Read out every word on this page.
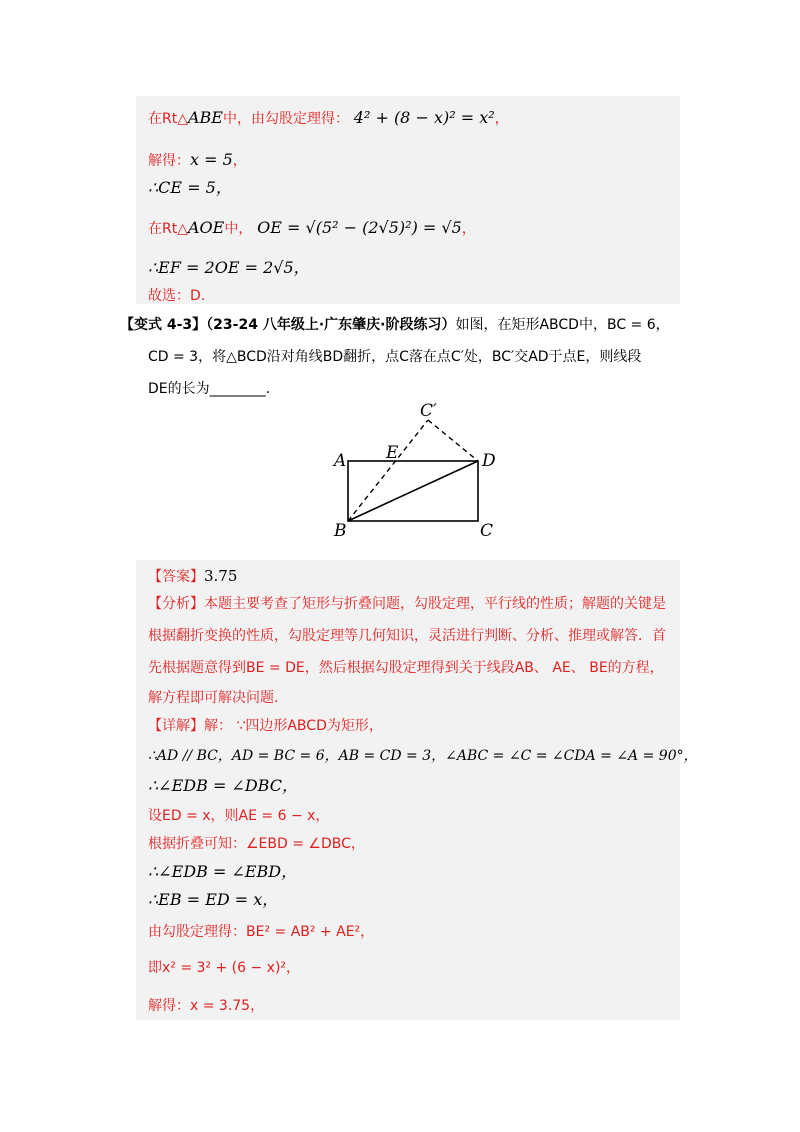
在Rt△ABE中，由勾股定理得： 4² + (8 − x)² = x²，
解得：x = 5，
∴CE = 5，
在Rt△AOE中， OE = √(5² − (2√5)²) = √5，
∴EF = 2OE = 2√5，
故选：D.
【变式 4-3】（23-24 八年级上·广东肇庆·阶段练习）如图，在矩形ABCD中，BC = 6，
CD = 3，将△BCD沿对角线BD翻折，点C落在点C′处，BC′交AD于点E，则线段
DE的长为________.
C′
A E	D
B	C
【答案】3.75
【分析】本题主要考查了矩形与折叠问题，勾股定理，平行线的性质；解题的关键是
根据翻折变换的性质，勾股定理等几何知识，灵活进行判断、分析、推理或解答．首
先根据题意得到BE = DE，然后根据勾股定理得到关于线段AB、 AE、 BE的方程，
解方程即可解决问题.
【详解】解： ∵四边形ABCD为矩形，
∴AD // BC，AD = BC = 6，AB = CD = 3，∠ABC = ∠C = ∠CDA = ∠A = 90°，
∴∠EDB = ∠DBC，
设ED = x，则AE = 6 − x，
根据折叠可知：∠EBD = ∠DBC，
∴∠EDB = ∠EBD，
∴EB = ED = x，
由勾股定理得：BE² = AB² + AE²，
即x² = 3² + (6 − x)²，
解得：x = 3.75，
